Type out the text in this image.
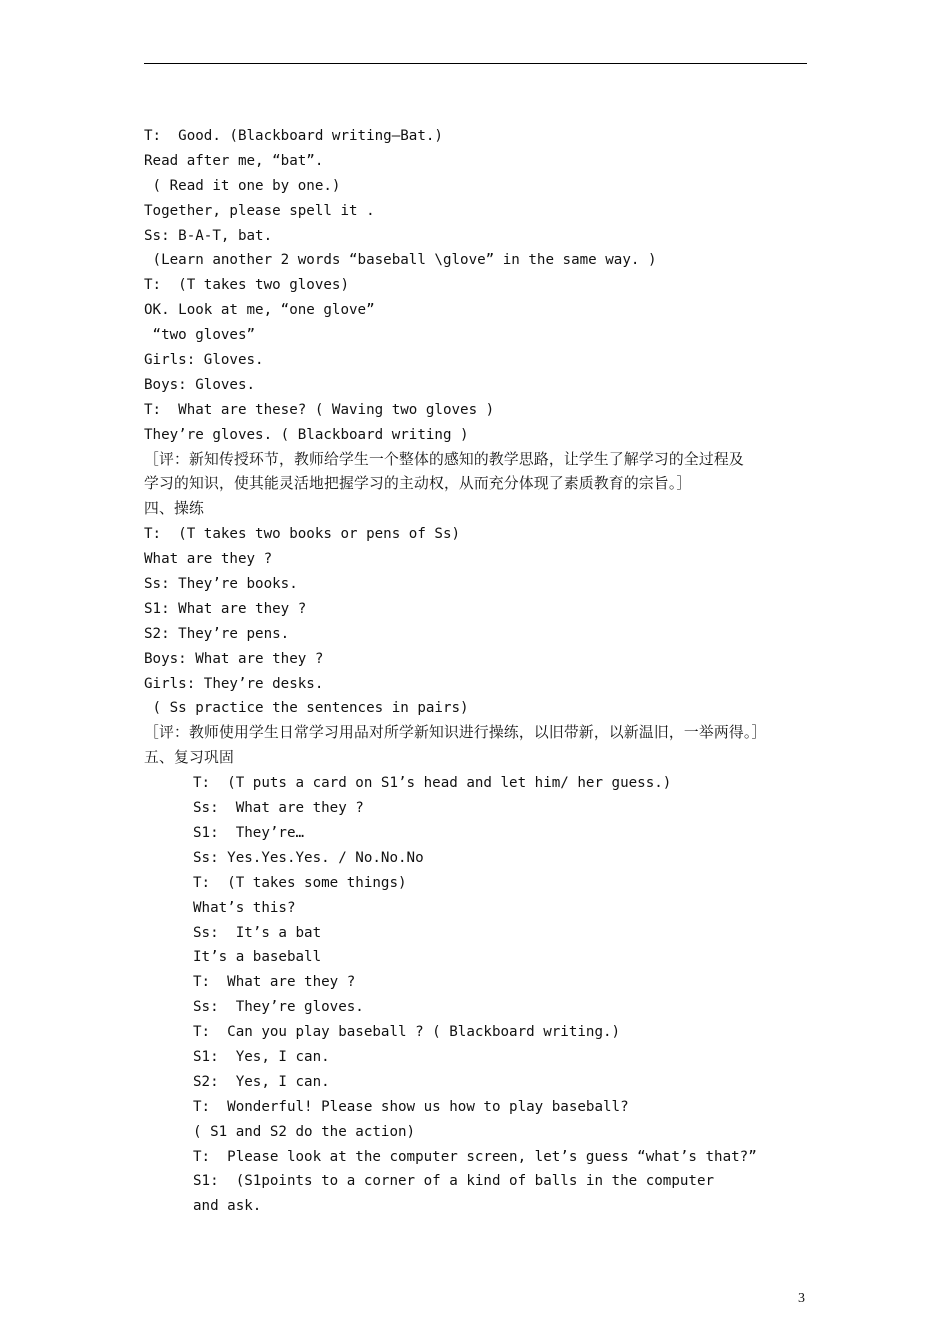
T:  Good. (Blackboard writing—Bat.)
Read after me, “bat”.
( Read it one by one.)
Together, please spell it .
Ss: B-A-T, bat.
(Learn another 2 words “baseball \glove” in the same way. )
T:  (T takes two gloves)
OK. Look at me, “one glove”
“two gloves”
Girls: Gloves.
Boys: Gloves.
T:  What are these? ( Waving two gloves )
They’re gloves. ( Blackboard writing )
［评：新知传授环节，教师给学生一个整体的感知的教学思路，让学生了解学习的全过程及
学习的知识，使其能灵活地把握学习的主动权，从而充分体现了素质教育的宗旨。］
四、操练
T:  (T takes two books or pens of Ss)
What are they ?
Ss: They’re books.
S1: What are they ?
S2: They’re pens.
Boys: What are they ?
Girls: They’re desks.
( Ss practice the sentences in pairs)
［评：教师使用学生日常学习用品对所学新知识进行操练，以旧带新，以新温旧，一举两得。］
五、复习巩固
T:  (T puts a card on S1’s head and let him/ her guess.)
Ss:  What are they ?
S1:  They’re…
Ss: Yes.Yes.Yes. / No.No.No
T:  (T takes some things)
What’s this?
Ss:  It’s a bat
It’s a baseball
T:  What are they ?
Ss:  They’re gloves.
T:  Can you play baseball ? ( Blackboard writing.)
S1:  Yes, I can.
S2:  Yes, I can.
T:  Wonderful! Please show us how to play baseball?
( S1 and S2 do the action)
T:  Please look at the computer screen, let’s guess “what’s that?”
S1:  (S1points to a corner of a kind of balls in the computer
and ask.
3
